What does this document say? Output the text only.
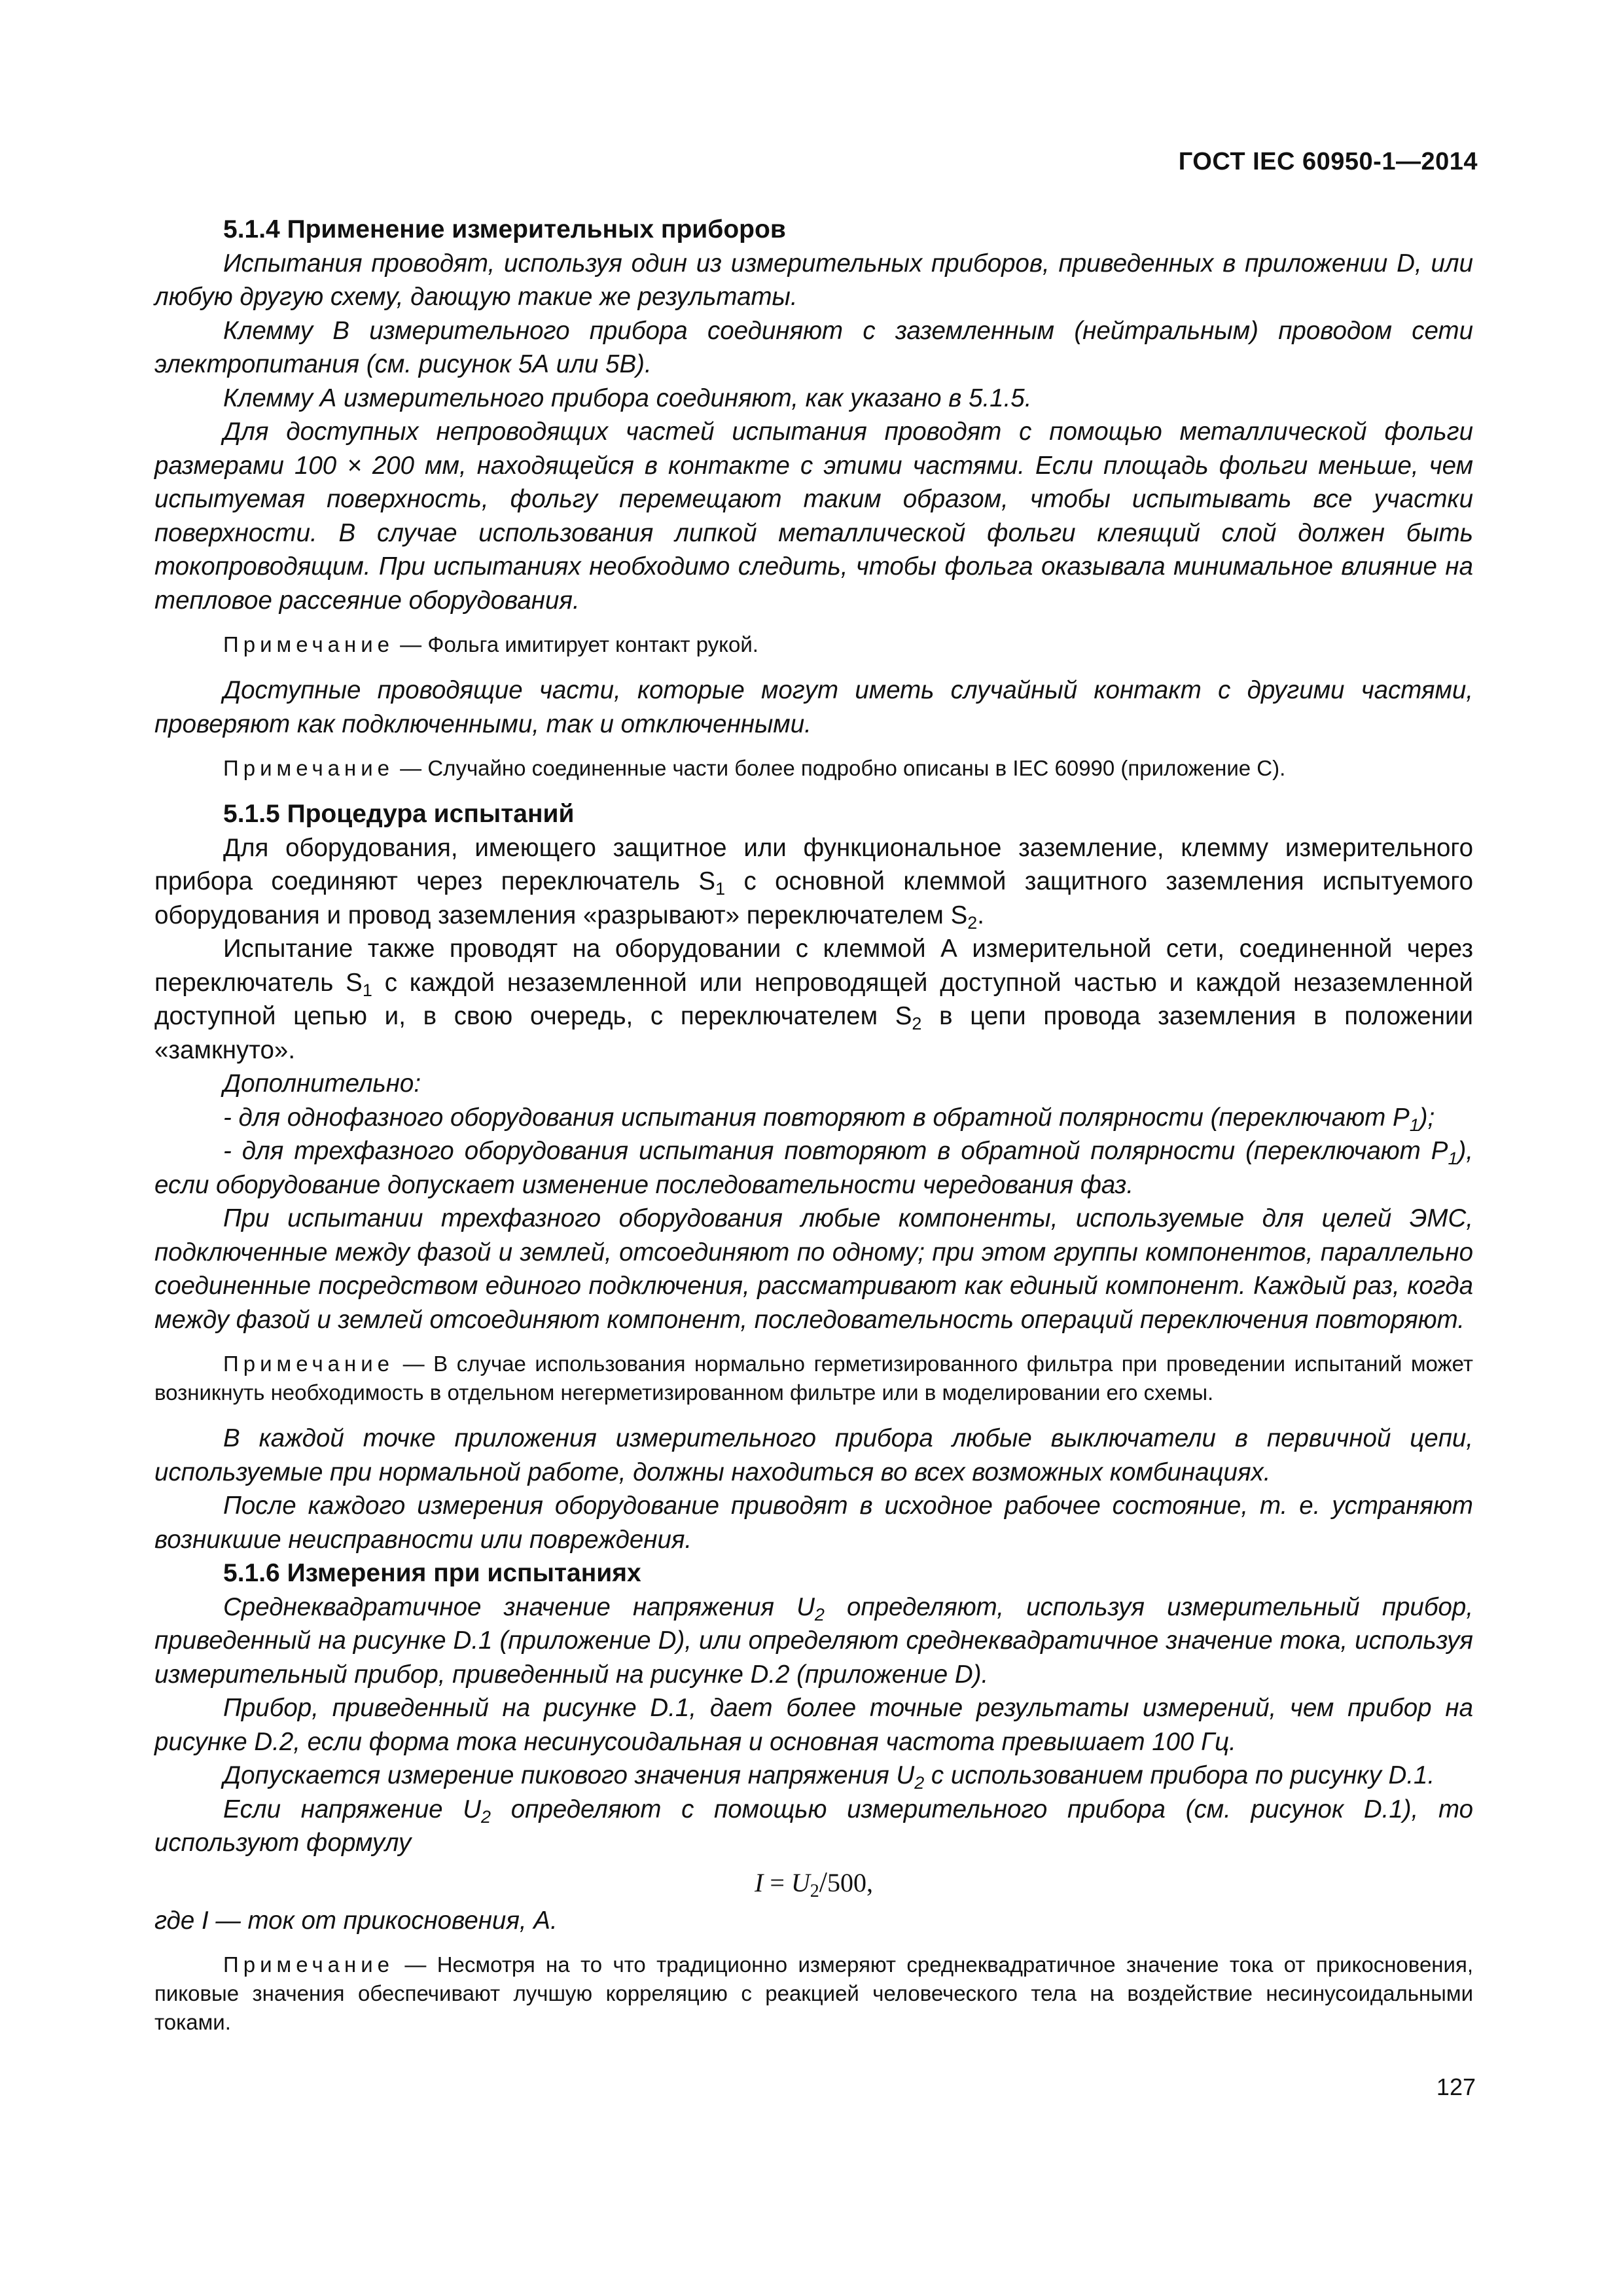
ГОСТ IEC 60950-1—2014

5.1.4 Применение измерительных приборов

Испытания проводят, используя один из измерительных приборов, приведенных в приложении D, или любую другую схему, дающую такие же результаты.

Клемму В измерительного прибора соединяют с заземленным (нейтральным) проводом сети электропитания (см. рисунок 5А или 5В).

Клемму А измерительного прибора соединяют, как указано в 5.1.5.

Для доступных непроводящих частей испытания проводят с помощью металлической фольги размерами 100 × 200 мм, находящейся в контакте с этими частями. Если площадь фольги меньше, чем испытуемая поверхность, фольгу перемещают таким образом, чтобы испытывать все участки поверхности. В случае использования липкой металлической фольги клеящий слой должен быть токопроводящим. При испытаниях необходимо следить, чтобы фольга оказывала минимальное влияние на тепловое рассеяние оборудования.

Примечание — Фольга имитирует контакт рукой.

Доступные проводящие части, которые могут иметь случайный контакт с другими частями, проверяют как подключенными, так и отключенными.

Примечание — Случайно соединенные части более подробно описаны в IEC 60990 (приложение С).

5.1.5 Процедура испытаний

Для оборудования, имеющего защитное или функциональное заземление, клемму измерительного прибора соединяют через переключатель $S_1$ с основной клеммой защитного заземления испытуемого оборудования и провод заземления «разрывают» переключателем $S_2$.

Испытание также проводят на оборудовании с клеммой А измерительной сети, соединенной через переключатель $S_1$ с каждой незаземленной или непроводящей доступной частью и каждой незаземленной доступной цепью и, в свою очередь, с переключателем $S_2$ в цепи провода заземления в положении «замкнуто».

Дополнительно:

- для однофазного оборудования испытания повторяют в обратной полярности (переключают $P_1$);

- для трехфазного оборудования испытания повторяют в обратной полярности (переключают $P_1$), если оборудование допускает изменение последовательности чередования фаз.

При испытании трехфазного оборудования любые компоненты, используемые для целей ЭМС, подключенные между фазой и землей, отсоединяют по одному; при этом группы компонентов, параллельно соединенные посредством единого подключения, рассматривают как единый компонент. Каждый раз, когда между фазой и землей отсоединяют компонент, последовательность операций переключения повторяют.

Примечание — В случае использования нормально герметизированного фильтра при проведении испытаний может возникнуть необходимость в отдельном негерметизированном фильтре или в моделировании его схемы.

В каждой точке приложения измерительного прибора любые выключатели в первичной цепи, используемые при нормальной работе, должны находиться во всех возможных комбинациях.

После каждого измерения оборудование приводят в исходное рабочее состояние, т. е. устраняют возникшие неисправности или повреждения.

5.1.6 Измерения при испытаниях

Среднеквадратичное значение напряжения $U_2$ определяют, используя измерительный прибор, приведенный на рисунке D.1 (приложение D), или определяют среднеквадратичное значение тока, используя измерительный прибор, приведенный на рисунке D.2 (приложение D).

Прибор, приведенный на рисунке D.1, дает более точные результаты измерений, чем прибор на рисунке D.2, если форма тока несинусоидальная и основная частота превышает 100 Гц.

Допускается измерение пикового значения напряжения $U_2$ с использованием прибора по рисунку D.1.

Если напряжение $U_2$ определяют с помощью измерительного прибора (см. рисунок D.1), то используют формулу

$I = U_2/500$,

где I — ток от прикосновения, А.

Примечание — Несмотря на то что традиционно измеряют среднеквадратичное значение тока от прикосновения, пиковые значения обеспечивают лучшую корреляцию с реакцией человеческого тела на воздействие несинусоидальными токами.

127
